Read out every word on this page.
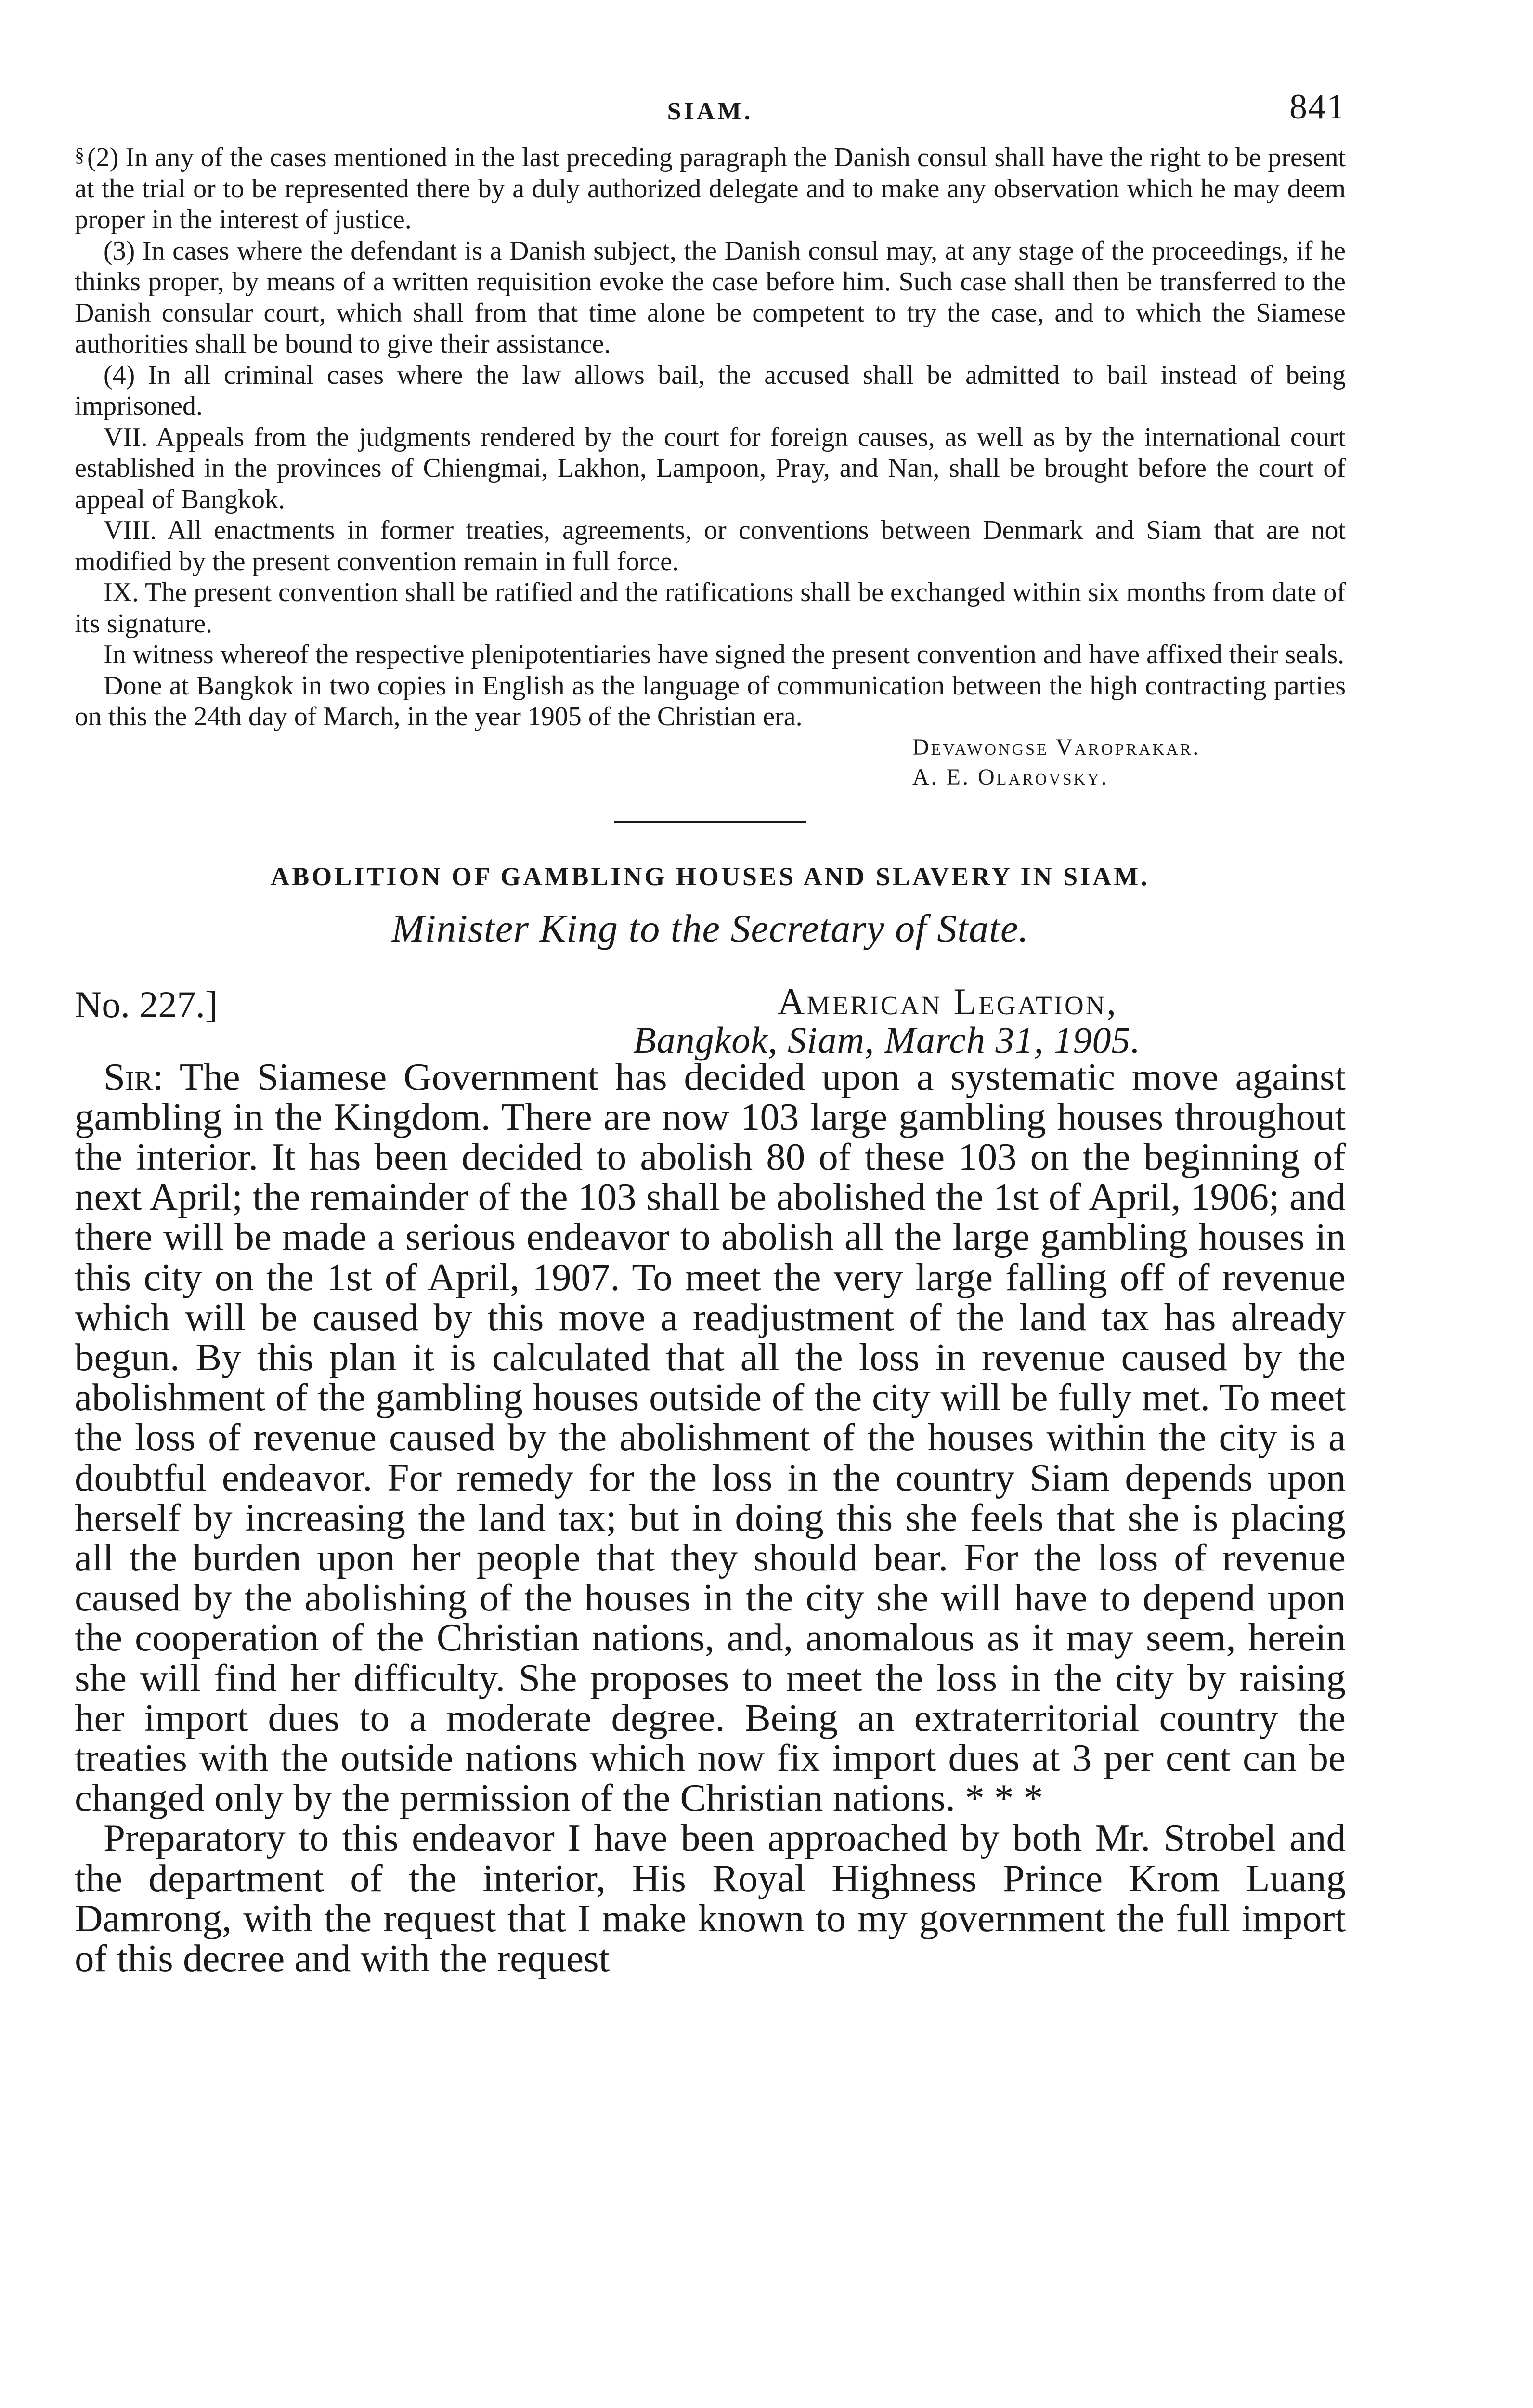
SIAM.	841

§ (2) In any of the cases mentioned in the last preceding paragraph the Danish consul shall have the right to be present at the trial or to be represented there by a duly authorized delegate and to make any observation which he may deem proper in the interest of justice.

(3) In cases where the defendant is a Danish subject, the Danish consul may, at any stage of the proceedings, if he thinks proper, by means of a written requisition evoke the case before him. Such case shall then be transferred to the Danish consular court, which shall from that time alone be competent to try the case, and to which the Siamese authorities shall be bound to give their assistance.

(4) In all criminal cases where the law allows bail, the accused shall be admitted to bail instead of being imprisoned.

VII. Appeals from the judgments rendered by the court for foreign causes, as well as by the international court established in the provinces of Chiengmai, Lakhon, Lampoon, Pray, and Nan, shall be brought before the court of appeal of Bangkok.

VIII. All enactments in former treaties, agreements, or conventions between Denmark and Siam that are not modified by the present convention remain in full force.

IX. The present convention shall be ratified and the ratifications shall be exchanged within six months from date of its signature.

In witness whereof the respective plenipotentiaries have signed the present convention and have affixed their seals.

Done at Bangkok in two copies in English as the language of communication between the high contracting parties on this the 24th day of March, in the year 1905 of the Christian era.

Devawongse Varoprakar.

A. E. Olarovsky.

ABOLITION OF GAMBLING HOUSES AND SLAVERY IN SIAM.
Minister King to the Secretary of State.
No. 227.]	American Legation,
Bangkok, Siam, March 31, 1905.

Sir: The Siamese Government has decided upon a systematic move against gambling in the Kingdom. There are now 103 large gambling houses throughout the interior. It has been decided to abolish 80 of these 103 on the beginning of next April; the remainder of the 103 shall be abolished the 1st of April, 1906; and there will be made a serious endeavor to abolish all the large gambling houses in this city on the 1st of April, 1907. To meet the very large falling off of revenue which will be caused by this move a readjustment of the land tax has already begun. By this plan it is calculated that all the loss in revenue caused by the abolishment of the gambling houses outside of the city will be fully met. To meet the loss of revenue caused by the abolishment of the houses within the city is a doubtful endeavor. For remedy for the loss in the country Siam depends upon herself by increasing the land tax; but in doing this she feels that she is placing all the burden upon her people that they should bear. For the loss of revenue caused by the abolishing of the houses in the city she will have to depend upon the cooperation of the Christian nations, and, anomalous as it may seem, herein she will find her difficulty. She proposes to meet the loss in the city by raising her import dues to a moderate degree. Being an extraterritorial country the treaties with the outside nations which now fix import dues at 3 per cent can be changed only by the permission of the Christian nations. * * *

Preparatory to this endeavor I have been approached by both Mr. Strobel and the department of the interior, His Royal Highness Prince Krom Luang Damrong, with the request that I make known to my government the full import of this decree and with the request
